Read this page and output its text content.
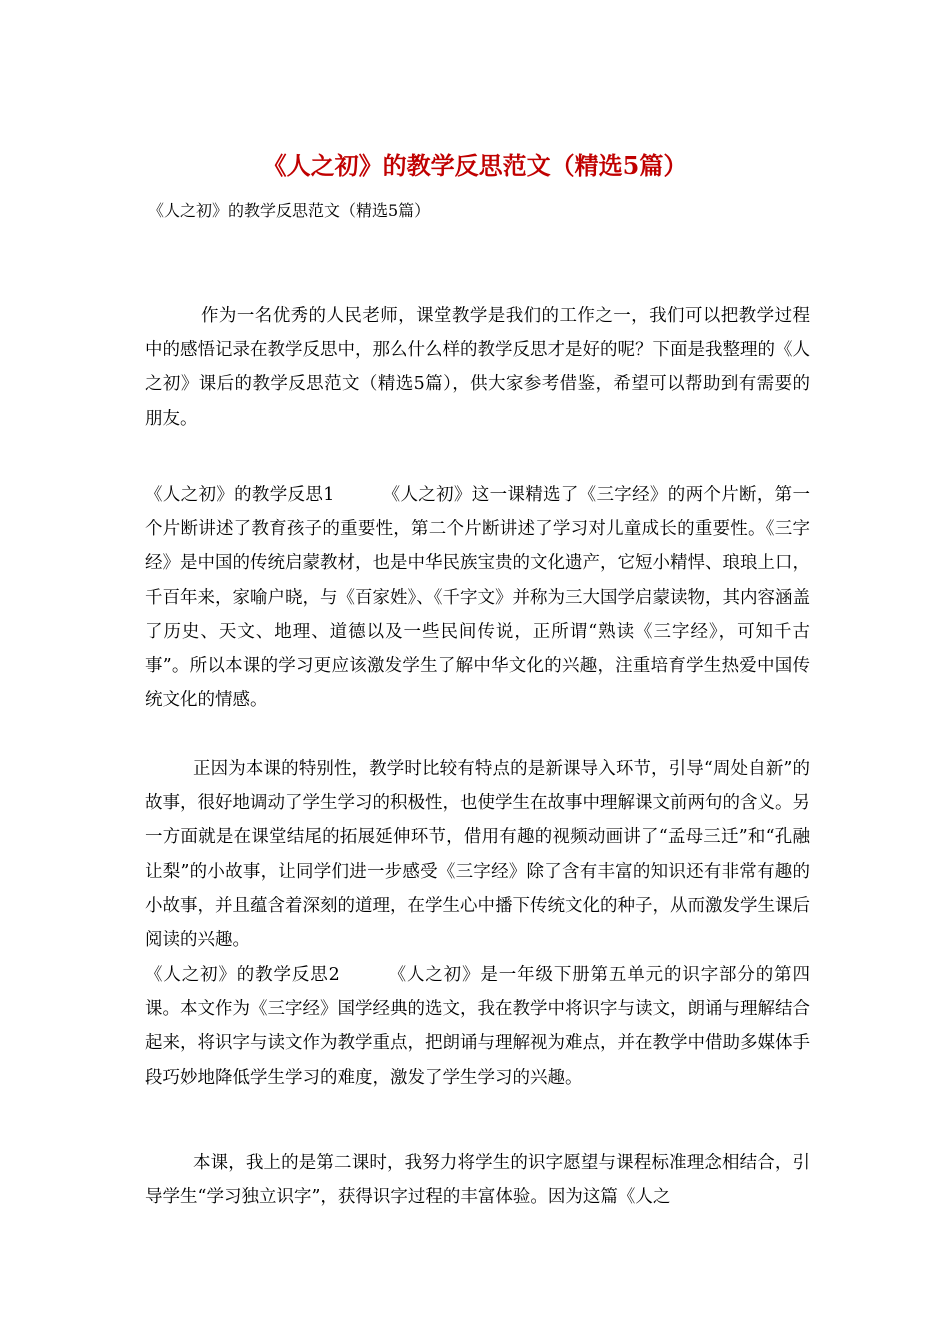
《人之初》的教学反思范文（精选5篇）
《人之初》的教学反思范文（精选5篇）

作为一名优秀的人民老师，课堂教学是我们的工作之一，我们可以把教学过程中的感悟记录在教学反思中，那么什么样的教学反思才是好的呢？下面是我整理的《人之初》课后的教学反思范文（精选5篇），供大家参考借鉴，希望可以帮助到有需要的朋友。

《人之初》的教学反思1	《人之初》这一课精选了《三字经》的两个片断，第一个片断讲述了教育孩子的重要性，第二个片断讲述了学习对儿童成长的重要性。《三字经》是中国的传统启蒙教材，也是中华民族宝贵的文化遗产，它短小精悍、琅琅上口，千百年来，家喻户晓，与《百家姓》、《千字文》并称为三大国学启蒙读物，其内容涵盖了历史、天文、地理、道德以及一些民间传说，正所谓“熟读《三字经》，可知千古事”。所以本课的学习更应该激发学生了解中华文化的兴趣，注重培育学生热爱中国传统文化的情感。

正因为本课的特别性，教学时比较有特点的是新课导入环节，引导“周处自新”的故事，很好地调动了学生学习的积极性，也使学生在故事中理解课文前两句的含义。另一方面就是在课堂结尾的拓展延伸环节，借用有趣的视频动画讲了“孟母三迁”和“孔融让梨”的小故事，让同学们进一步感受《三字经》除了含有丰富的知识还有非常有趣的小故事，并且蕴含着深刻的道理，在学生心中播下传统文化的种子，从而激发学生课后阅读的兴趣。

《人之初》的教学反思2	《人之初》是一年级下册第五单元的识字部分的第四课。本文作为《三字经》国学经典的选文，我在教学中将识字与读文，朗诵与理解结合起来，将识字与读文作为教学重点，把朗诵与理解视为难点，并在教学中借助多媒体手段巧妙地降低学生学习的难度，激发了学生学习的兴趣。

本课，我上的是第二课时，我努力将学生的识字愿望与课程标准理念相结合，引导学生“学习独立识字”，获得识字过程的丰富体验。因为这篇《人之
